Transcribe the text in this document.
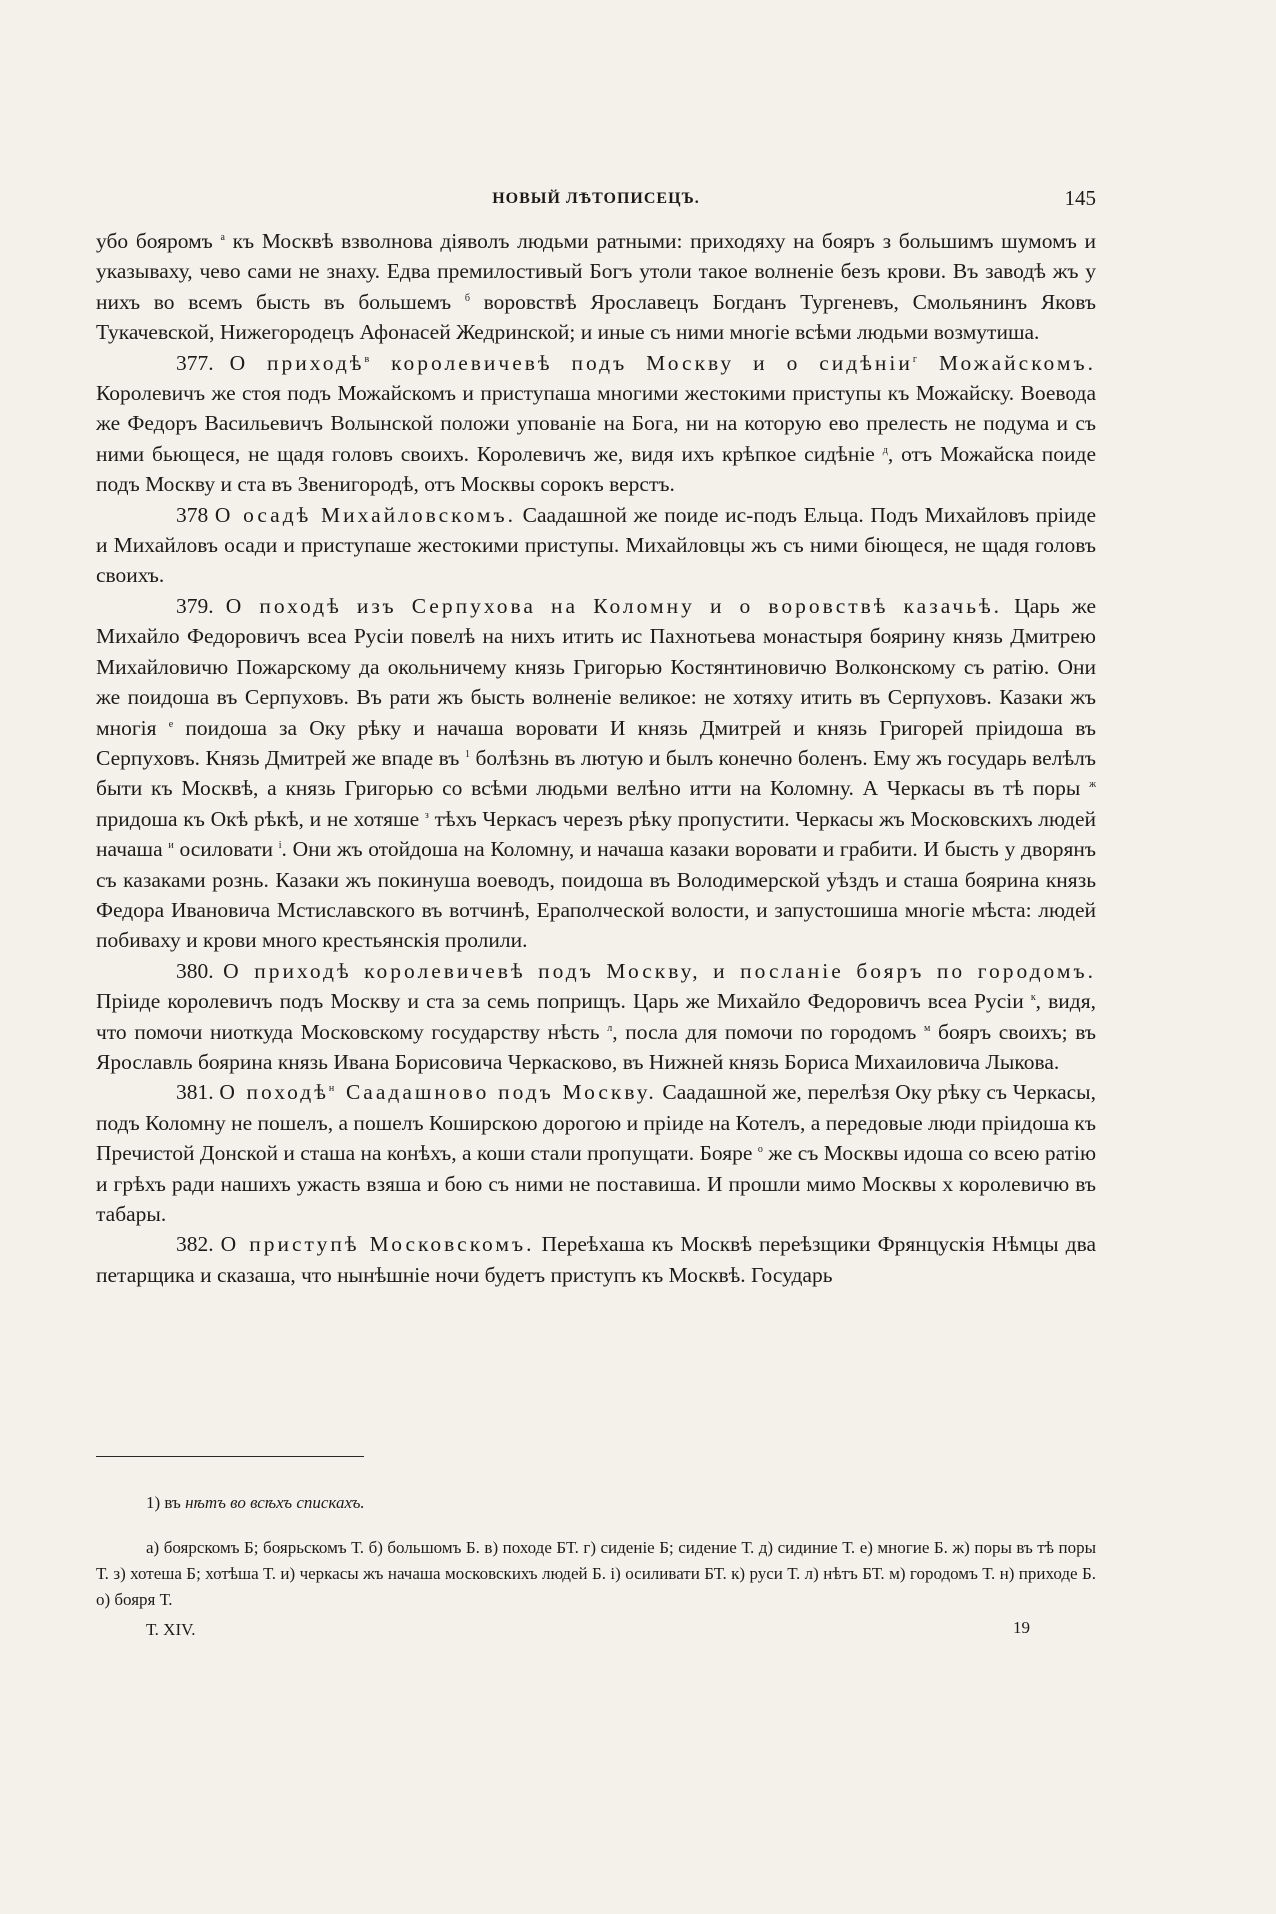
НОВЫЙ ЛѢТОПИСЕЦЪ.	145

убо бояромъ $^а$ къ Москвѣ взволнова діяволъ людьми ратными: приходяху на бояръ з большимъ шумомъ и указываху, чево сами не знаху. Едва премилостивый Богъ утоли такое волненіе безъ крови. Въ заводѣ жъ у нихъ во всемъ бысть въ большемъ $^б$ воровствѣ Ярославецъ Богданъ Тургеневъ, Смольянинъ Яковъ Тукачевской, Нижегородецъ Афонасей Жедринской; и иные съ ними многіе всѣми людьми возмутиша.

377. О приходѣ$^в$ королевичевѣ подъ Москву и о сидѣніи$^г$ Можайскомъ. Королевичъ же стоя подъ Можайскомъ и приступаша многими жестокими приступы къ Можайску. Воевода же Федоръ Васильевичъ Волынской положи упованіе на Бога, ни на которую ево прелесть не подума и съ ними бьющеся, не щадя головъ своихъ. Королевичъ же, видя ихъ крѣпкое сидѣніе $^д$, отъ Можайска поиде подъ Москву и ста въ Звенигородѣ, отъ Москвы сорокъ верстъ.

378 О осадѣ Михайловскомъ. Саадашной же поиде ис-подъ Ельца. Подъ Михайловъ пріиде и Михайловъ осади и приступаше жестокими приступы. Михайловцы жъ съ ними біющеся, не щадя головъ своихъ.

379. О походѣ изъ Серпухова на Коломну и о воровствѣ казачьѣ. Царь же Михайло Федоровичъ всеа Русіи повелѣ на нихъ итить ис Пахнотьева монастыря боярину князь Дмитрею Михайловичю Пожарскому да окольничему князь Григорью Костянтиновичю Волконскому съ ратію. Они же поидоша въ Серпуховъ. Въ рати жъ бысть волненіе великое: не хотяху итить въ Серпуховъ. Казаки жъ многія $^е$ поидоша за Оку рѣку и начаша воровати И князь Дмитрей и князь Григорей пріидоша въ Серпуховъ. Князь Дмитрей же впаде въ $^1$ болѣзнь въ лютую и былъ конечно боленъ. Ему жъ государь велѣлъ быти къ Москвѣ, а князь Григорью со всѣми людьми велѣно итти на Коломну. А Черкасы въ тѣ поры $^ж$ придоша къ Окѣ рѣкѣ, и не хотяше $^з$ тѣхъ Черкасъ черезъ рѣку пропустити. Черкасы жъ Московскихъ людей начаша $^и$ осиловати $^і$. Они жъ отойдоша на Коломну, и начаша казаки воровати и грабити. И бысть у дворянъ съ казаками рознь. Казаки жъ покинуша воеводъ, поидоша въ Володимерской уѣздъ и сташа боярина князь Федора Ивановича Мстиславского въ вотчинѣ, Ераполческой волости, и запустошиша многіе мѣста: людей побиваху и крови много крестьянскія пролили.

380. О приходѣ королевичевѣ подъ Москву, и посланіе бояръ по городомъ. Пріиде королевичъ подъ Москву и ста за семь поприщъ. Царь же Михайло Федоровичъ всеа Русіи $^к$, видя, что помочи ниоткуда Московскому государству нѣсть $^л$, посла для помочи по городомъ $^м$ бояръ своихъ; въ Ярославль боярина князь Ивана Борисовича Черкасково, въ Нижней князь Бориса Михаиловича Лыкова.

381. О походѣ$^н$ Саадашново подъ Москву. Саадашной же, перелѣзя Оку рѣку съ Черкасы, подъ Коломну не пошелъ, а пошелъ Коширскою дорогою и пріиде на Котелъ, а передовые люди пріидоша къ Пречистой Донской и сташа на конѣхъ, а коши стали пропущати. Бояре $^о$ же съ Москвы идоша со всею ратію и грѣхъ ради нашихъ ужасть взяша и бою съ ними не поставиша. И прошли мимо Москвы х королевичю въ табары.

382. О приступѣ Московскомъ. Переѣхаша къ Москвѣ переѣзщики Фрянцускія Нѣмцы два петарщика и сказаша, что нынѣшніе ночи будетъ приступъ къ Москвѣ. Государь

1) въ нѣтъ во всѣхъ спискахъ.

а) боярскомъ Б; боярьскомъ Т. б) большомъ Б. в) походе БТ. г) сиденіе Б; сидение Т. д) сидиние Т. е) многие Б. ж) поры въ тѣ поры Т. з) хотеша Б; хотѣша Т. и) черкасы жъ начаша московскихъ людей Б. і) осиливати БТ. к) руси Т. л) нѣтъ БТ. м) городомъ Т. н) приходе Б. о) бояря Т.

Т. XIV.	19
